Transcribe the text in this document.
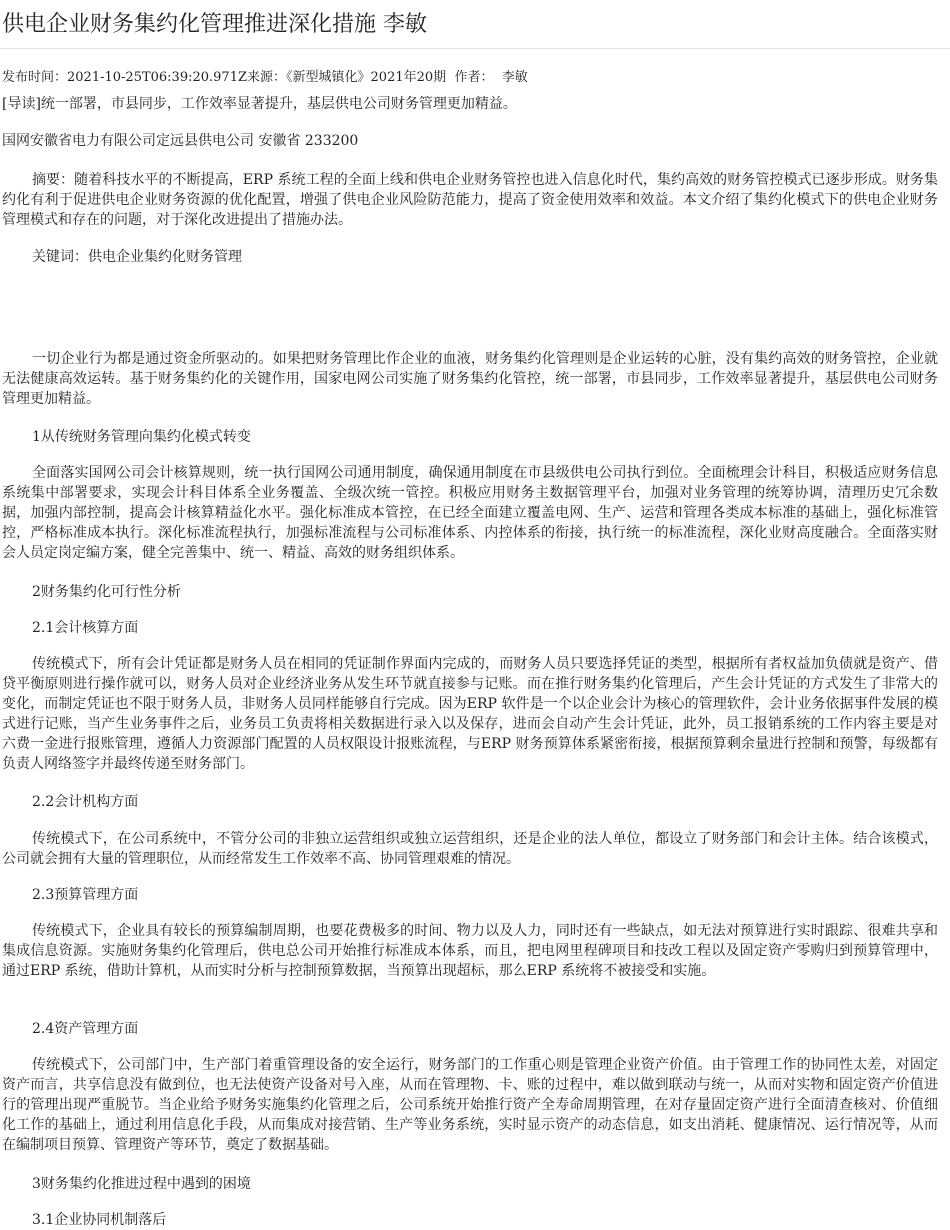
供电企业财务集约化管理推进深化措施 李敏
发布时间：2021-10-25T06:39:20.971Z来源：《新型城镇化》2021年20期 作者： 李敏

[导读]统一部署，市县同步，工作效率显著提升，基层供电公司财务管理更加精益。

国网安徽省电力有限公司定远县供电公司 安徽省 233200

摘要：随着科技水平的不断提高，ERP 系统工程的全面上线和供电企业财务管控也进入信息化时代，集约高效的财务管控模式已逐步形成。财务集约化有利于促进供电企业财务资源的优化配置，增强了供电企业风险防范能力，提高了资金使用效率和效益。本文介绍了集约化模式下的供电企业财务管理模式和存在的问题，对于深化改进提出了措施办法。

关键词：供电企业集约化财务管理

一切企业行为都是通过资金所驱动的。如果把财务管理比作企业的血液，财务集约化管理则是企业运转的心脏，没有集约高效的财务管控，企业就无法健康高效运转。基于财务集约化的关键作用，国家电网公司实施了财务集约化管控，统一部署，市县同步，工作效率显著提升，基层供电公司财务管理更加精益。

1从传统财务管理向集约化模式转变

全面落实国网公司会计核算规则，统一执行国网公司通用制度，确保通用制度在市县级供电公司执行到位。全面梳理会计科目，积极适应财务信息系统集中部署要求，实现会计科目体系全业务覆盖、全级次统一管控。积极应用财务主数据管理平台，加强对业务管理的统筹协调，清理历史冗余数据，加强内部控制，提高会计核算精益化水平。强化标准成本管控，在已经全面建立覆盖电网、生产、运营和管理各类成本标准的基础上，强化标准管控，严格标准成本执行。深化标准流程执行，加强标准流程与公司标准体系、内控体系的衔接，执行统一的标准流程，深化业财高度融合。全面落实财会人员定岗定编方案，健全完善集中、统一、精益、高效的财务组织体系。

2财务集约化可行性分析

2.1会计核算方面

传统模式下，所有会计凭证都是财务人员在相同的凭证制作界面内完成的，而财务人员只要选择凭证的类型，根据所有者权益加负债就是资产、借贷平衡原则进行操作就可以，财务人员对企业经济业务从发生环节就直接参与记账。而在推行财务集约化管理后，产生会计凭证的方式发生了非常大的变化，而制定凭证也不限于财务人员，非财务人员同样能够自行完成。因为ERP 软件是一个以企业会计为核心的管理软件，会计业务依据事件发展的模式进行记账，当产生业务事件之后，业务员工负责将相关数据进行录入以及保存，进而会自动产生会计凭证，此外，员工报销系统的工作内容主要是对六费一金进行报账管理，遵循人力资源部门配置的人员权限设计报账流程，与ERP 财务预算体系紧密衔接，根据预算剩余量进行控制和预警，每级都有负责人网络签字并最终传递至财务部门。

2.2会计机构方面

传统模式下，在公司系统中，不管分公司的非独立运营组织或独立运营组织，还是企业的法人单位，都设立了财务部门和会计主体。结合该模式，公司就会拥有大量的管理职位，从而经常发生工作效率不高、协同管理艰难的情况。

2.3预算管理方面

传统模式下，企业具有较长的预算编制周期，也要花费极多的时间、物力以及人力，同时还有一些缺点，如无法对预算进行实时跟踪、很难共享和集成信息资源。实施财务集约化管理后，供电总公司开始推行标准成本体系，而且，把电网里程碑项目和技改工程以及固定资产零购归到预算管理中，通过ERP 系统，借助计算机，从而实时分析与控制预算数据，当预算出现超标，那么ERP 系统将不被接受和实施。

2.4资产管理方面

传统模式下，公司部门中，生产部门着重管理设备的安全运行，财务部门的工作重心则是管理企业资产价值。由于管理工作的协同性太差，对固定资产而言，共享信息没有做到位，也无法使资产设备对号入座，从而在管理物、卡、账的过程中，难以做到联动与统一，从而对实物和固定资产价值进行的管理出现严重脱节。当企业给予财务实施集约化管理之后，公司系统开始推行资产全寿命周期管理，在对存量固定资产进行全面清查核对、价值细化工作的基础上，通过利用信息化手段，从而集成对接营销、生产等业务系统，实时显示资产的动态信息，如支出消耗、健康情况、运行情况等，从而在编制项目预算、管理资产等环节，奠定了数据基础。

3财务集约化推进过程中遇到的困境

3.1企业协同机制落后
